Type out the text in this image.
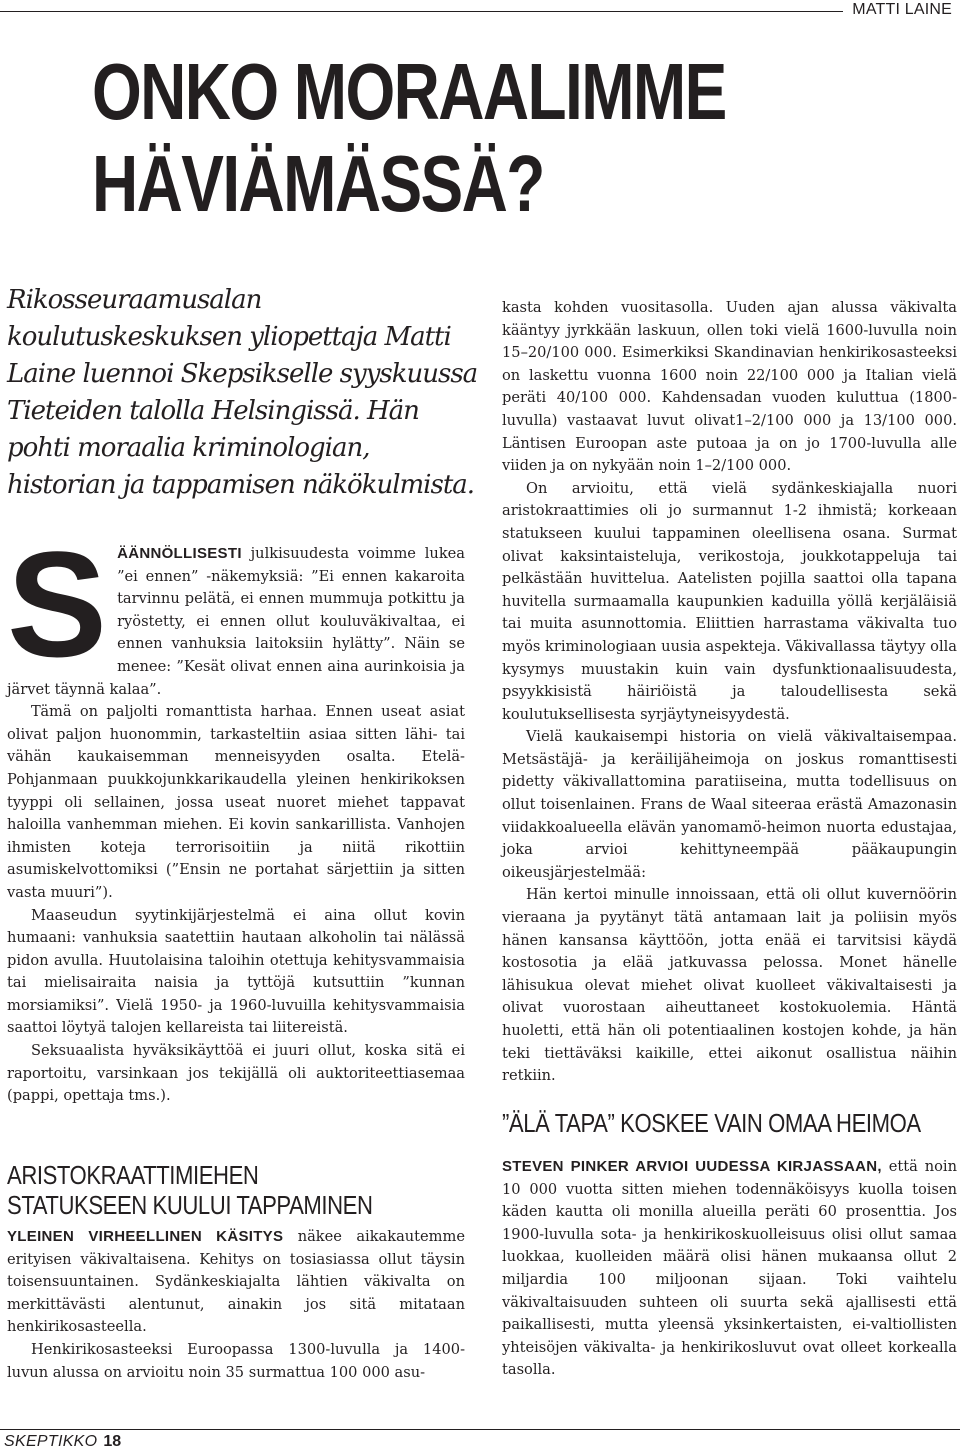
MATTI LAINE
ONKO MORAALIMME
HÄVIÄMÄSSÄ?
Rikosseuraamusalan
koulutuskeskuksen yliopettaja Matti
Laine luennoi Skepsikselle syyskuussa
Tieteiden talolla Helsingissä. Hän
pohti moraalia kriminologian,
historian ja tappamisen näkökulmista.

S ÄÄNNÖLLISESTI julkisuudesta voimme lukea ”ei ennen” -näkemyksiä: ”Ei ennen kakaroita tarvinnu pelätä, ei ennen mummuja potkittu ja ryöstetty, ei ennen ollut kouluväkivaltaa, ei ennen vanhuksia laitoksiin hylätty”. Näin se menee: ”Kesät olivat ennen aina aurinkoisia ja järvet täynnä kalaa”.

Tämä on paljolti romanttista harhaa. Ennen useat asiat olivat paljon huonommin, tarkasteltiin asiaa sitten lähi- tai vähän kaukaisemman menneisyyden osalta. Etelä-Pohjanmaan puukkojunkkarikaudella yleinen henkirikoksen tyyppi oli sellainen, jossa useat nuoret miehet tappavat haloilla vanhemman miehen. Ei kovin sankarillista. Vanhojen ihmisten koteja terrorisoitiin ja niitä rikottiin asumiskelvottomiksi (”Ensin ne portahat särjettiin ja sitten vasta muuri”).

Maaseudun syytinkijärjestelmä ei aina ollut kovin humaani: vanhuksia saatettiin hautaan alkoholin tai nälässä pidon avulla. Huutolaisina taloihin otettuja kehitysvammaisia tai mielisairaita naisia ja tyttöjä kutsuttiin ”kunnan morsiamiksi”. Vielä 1950- ja 1960-luvuilla kehitysvammaisia saattoi löytyä talojen kellareista tai liitereistä.

Seksuaalista hyväksikäyttöä ei juuri ollut, koska sitä ei raportoitu, varsinkaan jos tekijällä oli auktoriteettiasemaa (pappi, opettaja tms.).

ARISTOKRAATTIMIEHEN STATUKSEEN KUULUI TAPPAMINEN

YLEINEN VIRHEELLINEN KÄSITYS näkee aikakautemme erityisen väkivaltaisena. Kehitys on tosiasiassa ollut täysin toisensuuntainen. Sydänkeskiajalta lähtien väkivalta on merkittävästi alentunut, ainakin jos sitä mitataan henkirikosasteella.

Henkirikosasteeksi Euroopassa 1300-luvulla ja 1400-luvun alussa on arvioitu noin 35 surmattua 100 000 asu-

kasta kohden vuositasolla. Uuden ajan alussa väkivalta kääntyy jyrkkään laskuun, ollen toki vielä 1600-luvulla noin 15–20/100 000. Esimerkiksi Skandinavian henkirikosasteeksi on laskettu vuonna 1600 noin 22/100 000 ja Italian vielä peräti 40/100 000. Kahdensadan vuoden kuluttua (1800-luvulla) vastaavat luvut olivat1–2/100 000 ja 13/100 000. Läntisen Euroopan aste putoaa ja on jo 1700-luvulla alle viiden ja on nykyään noin 1–2/100 000.

On arvioitu, että vielä sydänkeskiajalla nuori aristokraattimies oli jo surmannut 1-2 ihmistä; korkeaan statukseen kuului tappaminen oleellisena osana. Surmat olivat kaksintaisteluja, verikostoja, joukkotappeluja tai pelkästään huvittelua. Aatelisten pojilla saattoi olla tapana huvitella surmaamalla kaupunkien kaduilla yöllä kerjäläisiä tai muita asunnottomia. Eliittien harrastama väkivalta tuo myös kriminologiaan uusia aspekteja. Väkivallassa täytyy olla kysymys muustakin kuin vain dysfunktionaalisuudesta, psyykkisistä häiriöistä ja taloudellisesta sekä koulutuksellisesta syrjäytyneisyydestä.

Vielä kaukaisempi historia on vielä väkivaltaisempaa. Metsästäjä- ja keräilijäheimoja on joskus romanttisesti pidetty väkivallattomina paratiiseina, mutta todellisuus on ollut toisenlainen. Frans de Waal siteeraa erästä Amazonasin viidakkoalueella elävän yanomamö-heimon nuorta edustajaa, joka arvioi kehittyneempää pääkaupungin oikeusjärjestelmää:

Hän kertoi minulle innoissaan, että oli ollut kuvernöörin vieraana ja pyytänyt tätä antamaan lait ja poliisin myös hänen kansansa käyttöön, jotta enää ei tarvitsisi käydä kostosotia ja elää jatkuvassa pelossa. Monet hänelle lähisukua olevat miehet olivat kuolleet väkivaltaisesti ja olivat vuorostaan aiheuttaneet kostokuolemia. Häntä huoletti, että hän oli potentiaalinen kostojen kohde, ja hän teki tiettäväksi kaikille, ettei aikonut osallistua näihin retkiin.

”ÄLÄ TAPA” KOSKEE VAIN OMAA HEIMOA

STEVEN PINKER ARVIOI UUDESSA KIRJASSAAN, että noin 10 000 vuotta sitten miehen todennäköisyys kuolla toisen käden kautta oli monilla alueilla peräti 60 prosenttia. Jos 1900-luvulla sota- ja henkirikoskuolleisuus olisi ollut samaa luokkaa, kuolleiden määrä olisi hänen mukaansa ollut 2 miljardia 100 miljoonan sijaan. Toki vaihtelu väkivaltaisuuden suhteen oli suurta sekä ajallisesti että paikallisesti, mutta yleensä yksinkertaisten, ei-valtiollisten yhteisöjen väkivalta- ja henkirikosluvut ovat olleet korkealla tasolla.

SKEPTIKKO 18
